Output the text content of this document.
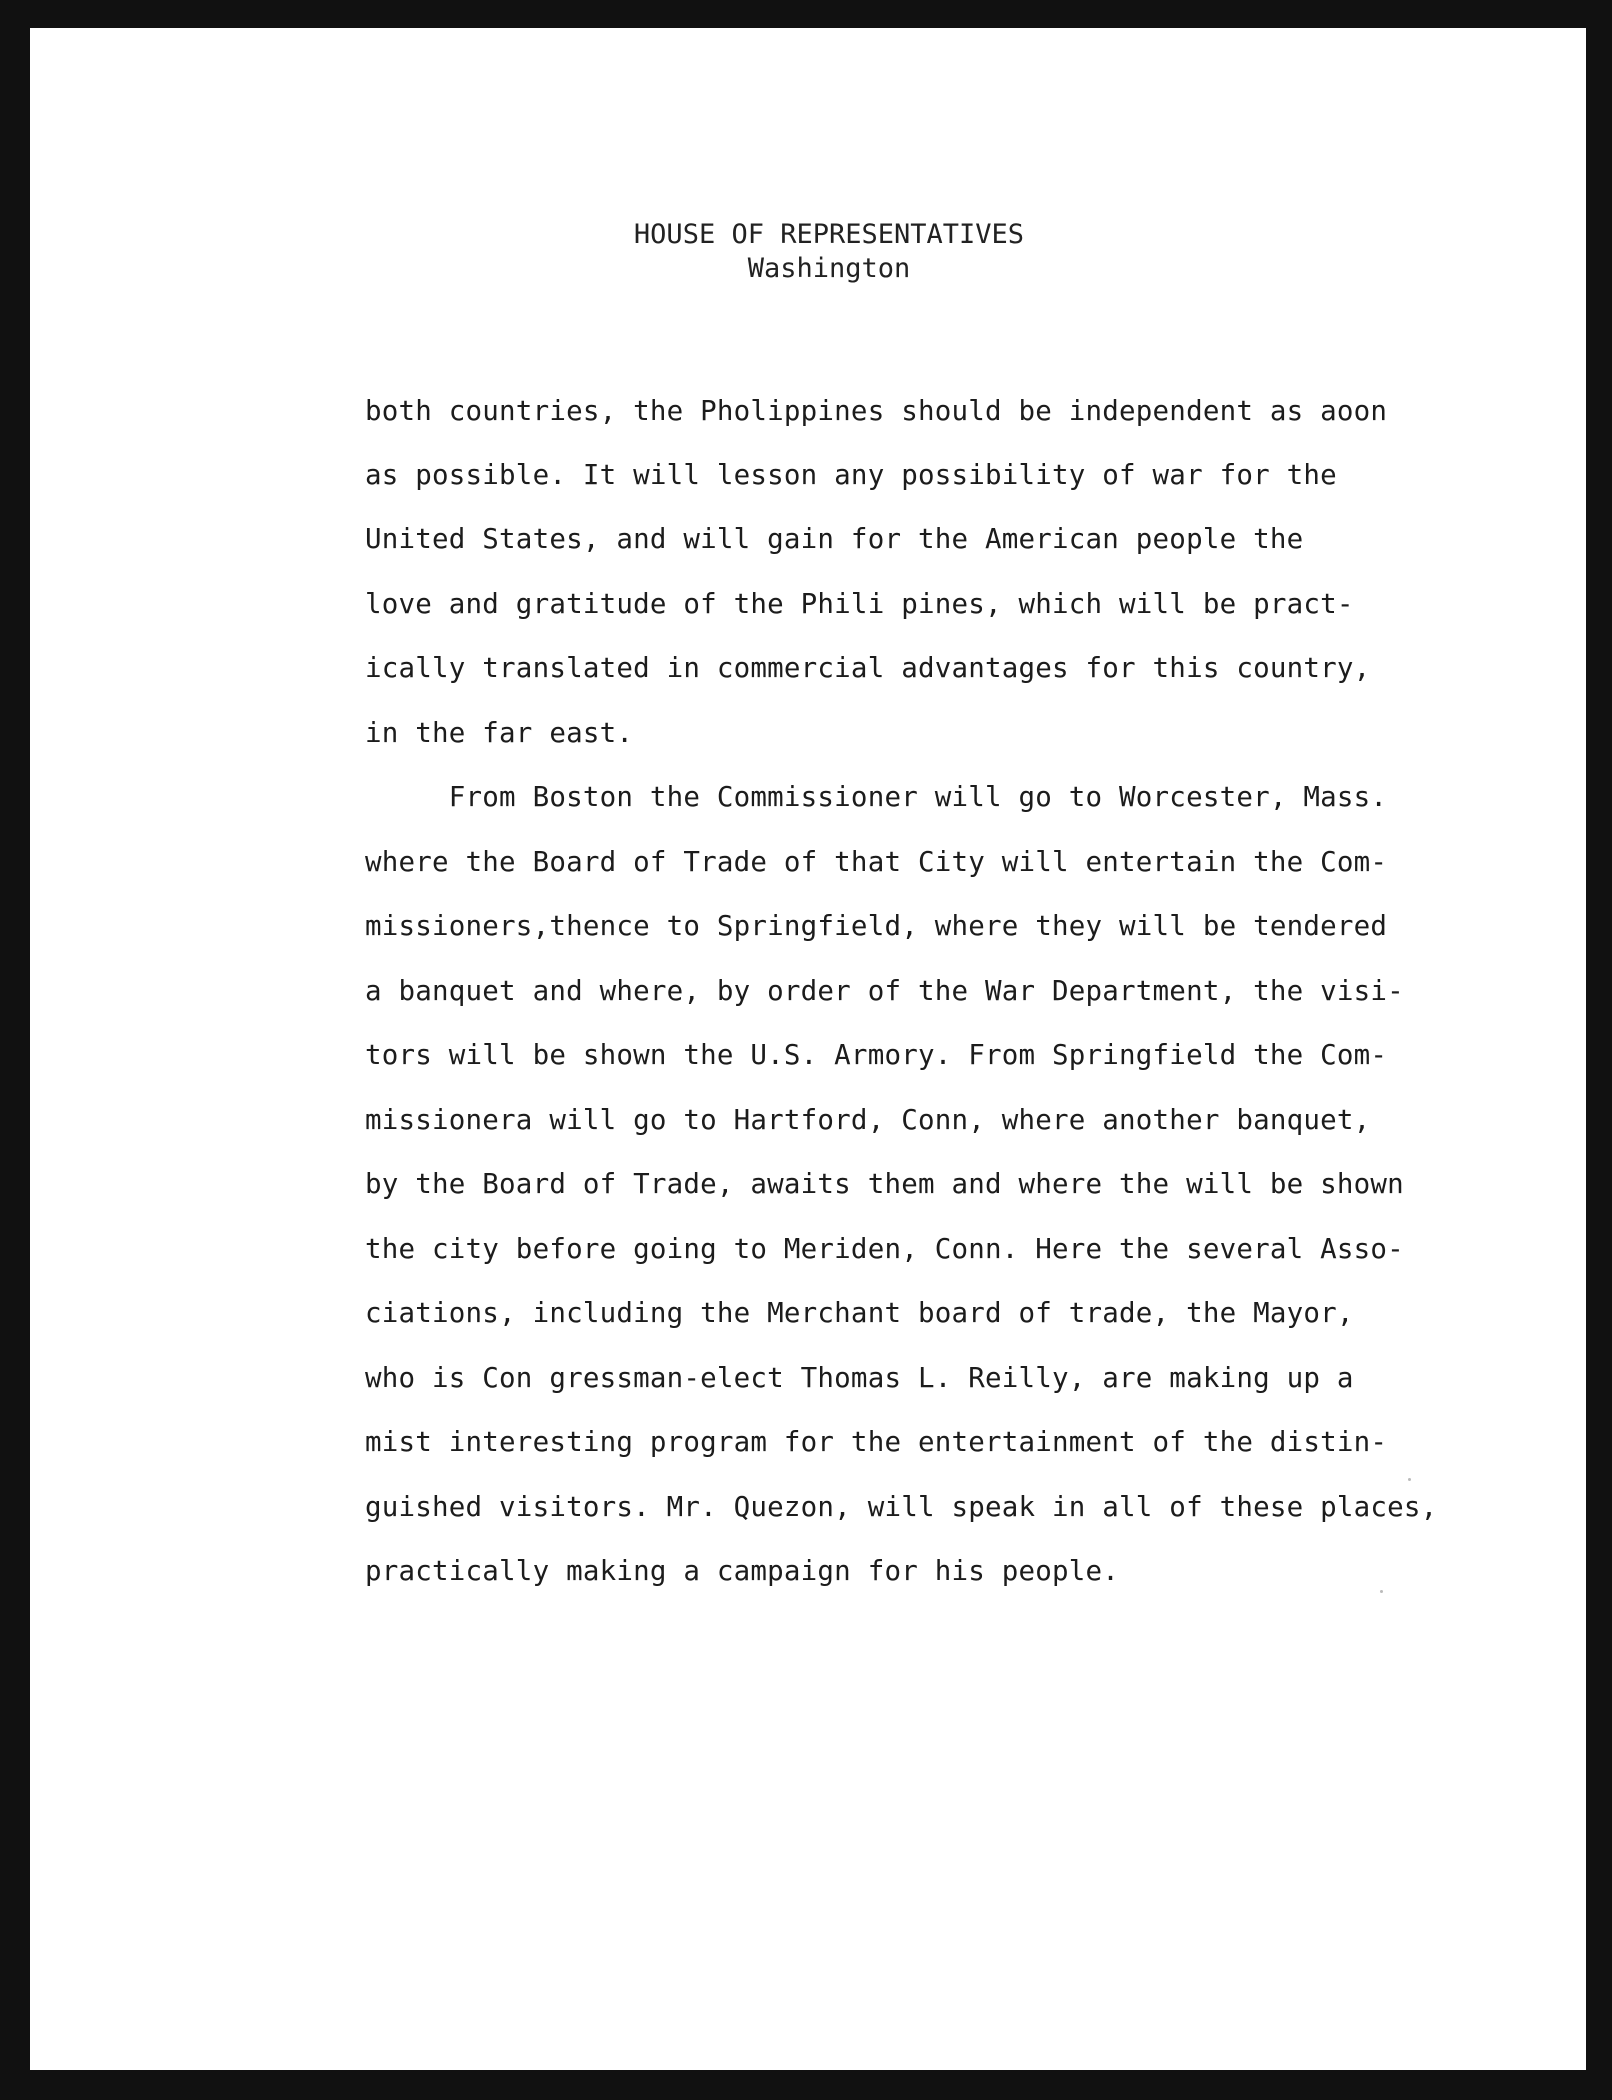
HOUSE OF REPRESENTATIVES
Washington
both countries, the Pholippines should be independent as aoon
as possible. It will lesson any possibility of war for the
United States, and will gain for the American people the
love and gratitude of the Phili pines, which will be pract-
ically translated in commercial advantages for this country,
in the far east.
From Boston the Commissioner will go to Worcester, Mass.
where the Board of Trade of that City will entertain the Com-
missioners,thence to Springfield, where they will be tendered
a banquet and where, by order of the War Department, the visi-
tors will be shown the U.S. Armory. From Springfield the Com-
missionera will go to Hartford, Conn, where another banquet,
by the Board of Trade, awaits them and where the will be shown
the city before going to Meriden, Conn. Here the several Asso-
ciations, including the Merchant board of trade, the Mayor,
who is Con gressman-elect Thomas L. Reilly, are making up a
mist interesting program for the entertainment of the distin-
guished visitors. Mr. Quezon, will speak in all of these places,
practically making a campaign for his people.
